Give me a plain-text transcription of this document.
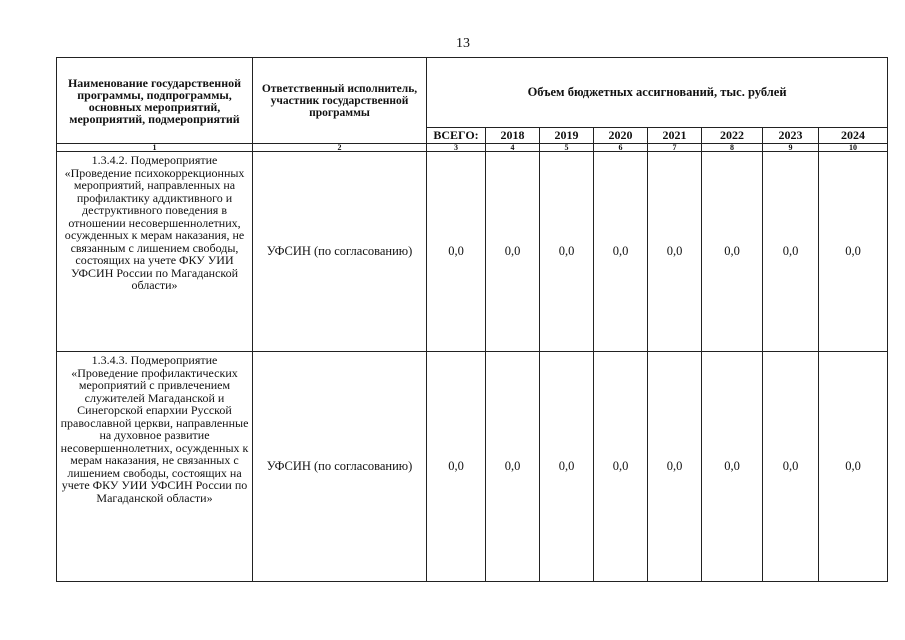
13
Наименование государственной программы, подпрограммы, основных мероприятий, мероприятий, подмероприятий	Ответственный исполнитель, участник государственной программы	Объем бюджетных ассигнований, тыс. рублей							
		ВСЕГО:	2018	2019	2020	2021	2022	2023	2024
1	2	3	4	5	6	7	8	9	10
1.3.4.2. Подмероприятие «Проведение психокоррекционных мероприятий, направленных на профилактику аддиктивного и деструктивного поведения в отношении несовершеннолетних, осужденных к мерам наказания, не связанным с лишением свободы, состоящих на учете ФКУ УИИ УФСИН России по Магаданской области»	УФСИН (по согласованию)	0,0	0,0	0,0	0,0	0,0	0,0	0,0	0,0
1.3.4.3. Подмероприятие «Проведение профилактических мероприятий с привлечением служителей Магаданской и Синегорской епархии Русской православной церкви, направленные на духовное развитие несовершеннолетних, осужденных к мерам наказания, не связанных с лишением свободы, состоящих на учете ФКУ УИИ УФСИН России по Магаданской области»	УФСИН (по согласованию)	0,0	0,0	0,0	0,0	0,0	0,0	0,0	0,0
